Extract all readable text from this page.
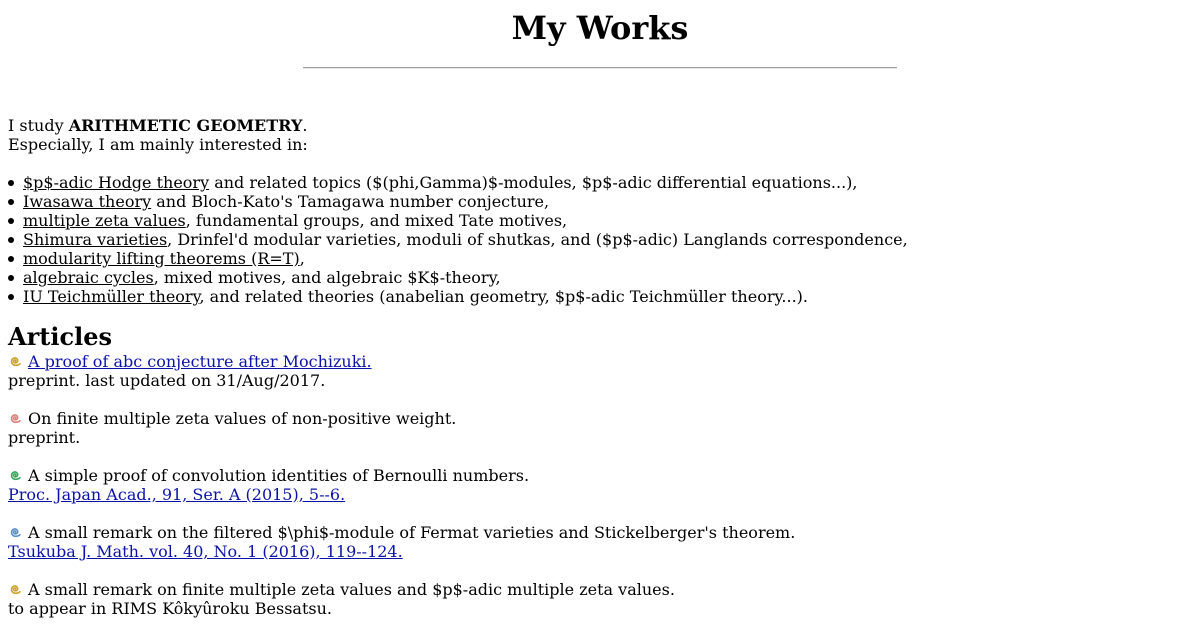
My Works
I study ARITHMETIC GEOMETRY.
Especially, I am mainly interested in:
$p$-adic Hodge theory and related topics ($(phi,Gamma)$-modules, $p$-adic differential equations...),
Iwasawa theory and Bloch-Kato's Tamagawa number conjecture,
multiple zeta values, fundamental groups, and mixed Tate motives,
Shimura varieties, Drinfel'd modular varieties, moduli of shutkas, and ($p$-adic) Langlands correspondence,
modularity lifting theorems (R=T),
algebraic cycles, mixed motives, and algebraic $K$-theory,
IU Teichmüller theory, and related theories (anabelian geometry, $p$-adic Teichmüller theory...).
Articles
A proof of abc conjecture after Mochizuki.
preprint. last updated on 31/Aug/2017.
On finite multiple zeta values of non-positive weight.
preprint.
A simple proof of convolution identities of Bernoulli numbers.
Proc. Japan Acad., 91, Ser. A (2015), 5--6.
A small remark on the filtered $\phi$-module of Fermat varieties and Stickelberger's theorem.
Tsukuba J. Math. vol. 40, No. 1 (2016), 119--124.
A small remark on finite multiple zeta values and $p$-adic multiple zeta values.
to appear in RIMS Kôkyûroku Bessatsu.
